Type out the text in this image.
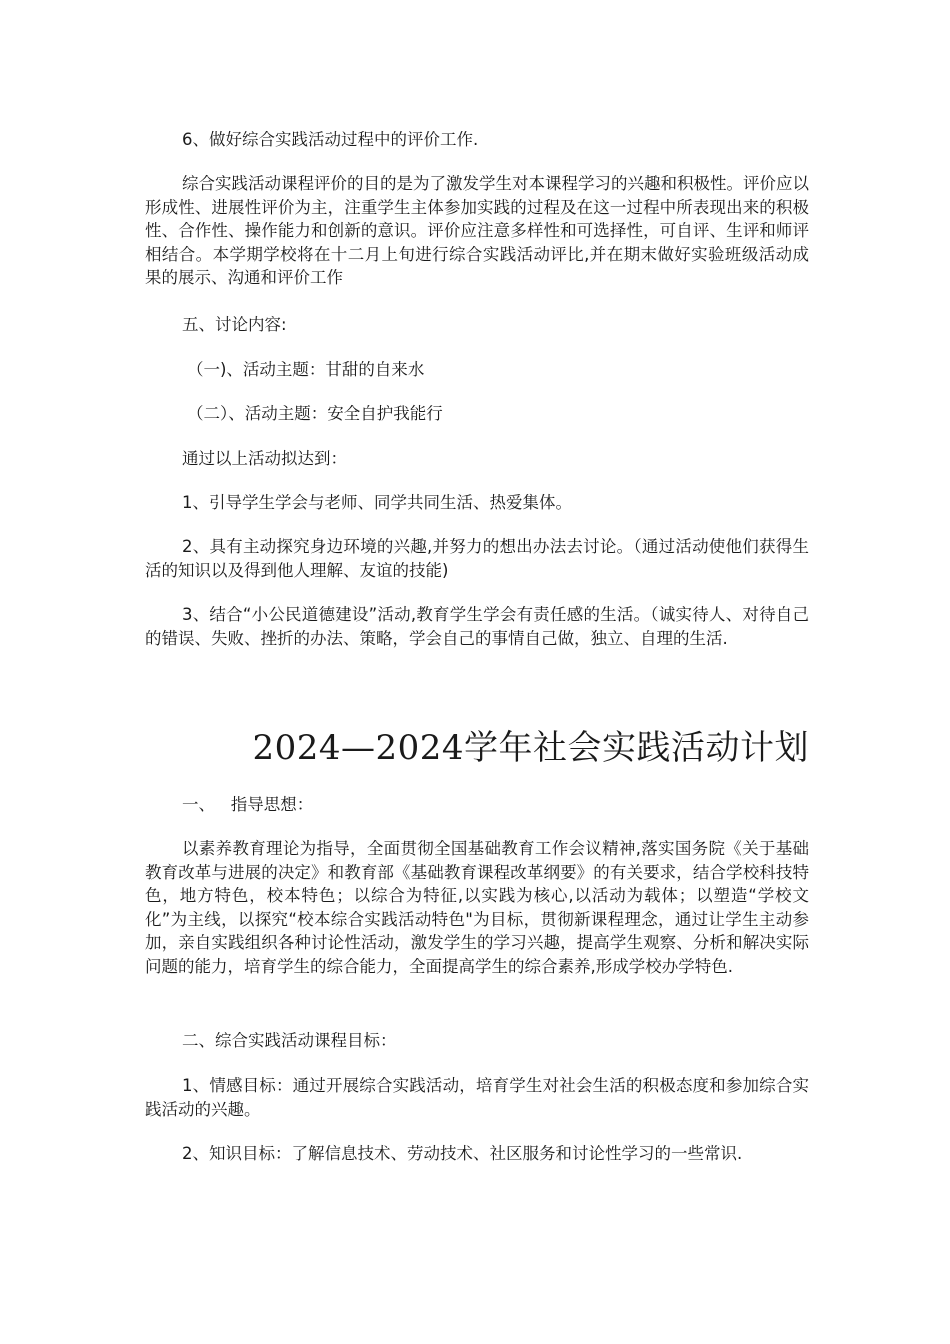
6、做好综合实践活动过程中的评价工作.

综合实践活动课程评价的目的是为了激发学生对本课程学习的兴趣和积极性。评价应以形成性、进展性评价为主，注重学生主体参加实践的过程及在这一过程中所表现出来的积极性、合作性、操作能力和创新的意识。评价应注意多样性和可选择性，可自评、生评和师评相结合。本学期学校将在十二月上旬进行综合实践活动评比,并在期末做好实验班级活动成果的展示、沟通和评价工作

五、讨论内容:

（一)、活动主题：甘甜的自来水

（二）、活动主题：安全自护我能行

通过以上活动拟达到：

1、引导学生学会与老师、同学共同生活、热爱集体。

2、具有主动探究身边环境的兴趣,并努力的想出办法去讨论。（通过活动使他们获得生活的知识以及得到他人理解、友谊的技能)

3、结合“小公民道德建设”活动,教育学生学会有责任感的生活。（诚实待人、对待自己的错误、失败、挫折的办法、策略，学会自己的事情自己做，独立、自理的生活.

2024—2024学年社会实践活动计划

一、   指导思想：

以素养教育理论为指导，全面贯彻全国基础教育工作会议精神,落实国务院《关于基础教育改革与进展的决定》和教育部《基础教育课程改革纲要》的有关要求，结合学校科技特色，地方特色，校本特色；以综合为特征,以实践为核心,以活动为载体；以塑造“学校文化”为主线，以探究“校本综合实践活动特色"为目标，贯彻新课程理念，通过让学生主动参加，亲自实践组织各种讨论性活动，激发学生的学习兴趣，提高学生观察、分析和解决实际问题的能力，培育学生的综合能力，全面提高学生的综合素养,形成学校办学特色.

二、综合实践活动课程目标：

1、情感目标：通过开展综合实践活动，培育学生对社会生活的积极态度和参加综合实践活动的兴趣。

2、知识目标：了解信息技术、劳动技术、社区服务和讨论性学习的一些常识.
